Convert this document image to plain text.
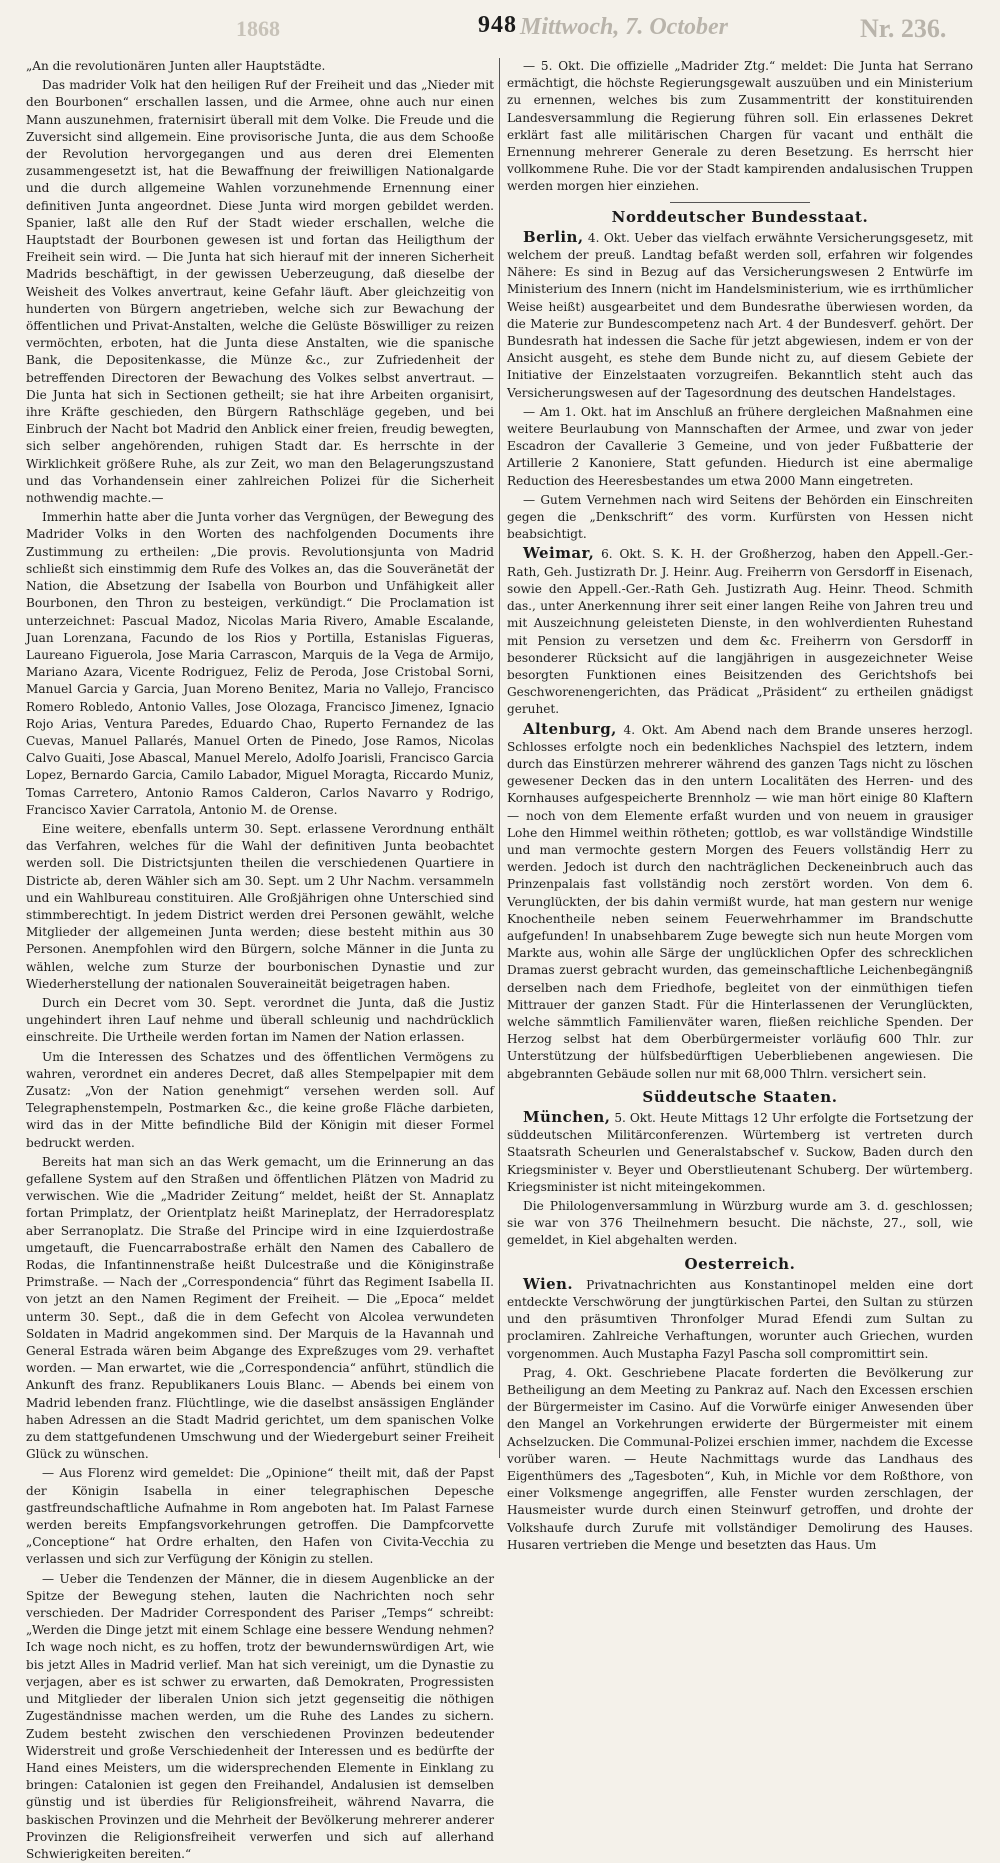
1868	948 Mittwoch, 7. October	Nr. 236.

„An die revolutionären Junten aller Hauptstädte.

Das madrider Volk hat den heiligen Ruf der Freiheit und das „Nieder mit den Bourbonen“ erschallen lassen, und die Armee, ohne auch nur einen Mann auszunehmen, fraternisirt überall mit dem Volke. Die Freude und die Zuversicht sind allgemein. Eine provisorische Junta, die aus dem Schooße der Revolution hervorgegangen und aus deren drei Elementen zusammengesetzt ist, hat die Bewaffnung der freiwilligen Nationalgarde und die durch allgemeine Wahlen vorzunehmende Ernennung einer definitiven Junta angeordnet. Diese Junta wird morgen gebildet werden. Spanier, laßt alle den Ruf der Stadt wieder erschallen, welche die Hauptstadt der Bourbonen gewesen ist und fortan das Heiligthum der Freiheit sein wird. — Die Junta hat sich hierauf mit der inneren Sicherheit Madrids beschäftigt, in der gewissen Ueberzeugung, daß dieselbe der Weisheit des Volkes anvertraut, keine Gefahr läuft. Aber gleichzeitig von hunderten von Bürgern angetrieben, welche sich zur Bewachung der öffentlichen und Privat-Anstalten, welche die Gelüste Böswilliger zu reizen vermöchten, erboten, hat die Junta diese Anstalten, wie die spanische Bank, die Depositenkasse, die Münze &c., zur Zufriedenheit der betreffenden Directoren der Bewachung des Volkes selbst anvertraut. — Die Junta hat sich in Sectionen getheilt; sie hat ihre Arbeiten organisirt, ihre Kräfte geschieden, den Bürgern Rathschläge gegeben, und bei Einbruch der Nacht bot Madrid den Anblick einer freien, freudig bewegten, sich selber angehörenden, ruhigen Stadt dar. Es herrschte in der Wirklichkeit größere Ruhe, als zur Zeit, wo man den Belagerungszustand und das Vorhandensein einer zahlreichen Polizei für die Sicherheit nothwendig machte.—

Immerhin hatte aber die Junta vorher das Vergnügen, der Bewegung des Madrider Volks in den Worten des nachfolgenden Documents ihre Zustimmung zu ertheilen: „Die provis. Revolutionsjunta von Madrid schließt sich einstimmig dem Rufe des Volkes an, das die Souveränetät der Nation, die Absetzung der Isabella von Bourbon und Unfähigkeit aller Bourbonen, den Thron zu besteigen, verkündigt.“ Die Proclamation ist unterzeichnet: Pascual Madoz, Nicolas Maria Rivero, Amable Escalande, Juan Lorenzana, Facundo de los Rios y Portilla, Estanislas Figueras, Laureano Figuerola, Jose Maria Carrascon, Marquis de la Vega de Armijo, Mariano Azara, Vicente Rodriguez, Feliz de Peroda, Jose Cristobal Sorni, Manuel Garcia y Garcia, Juan Moreno Benitez, Maria no Vallejo, Francisco Romero Robledo, Antonio Valles, Jose Olozaga, Francisco Jimenez, Ignacio Rojo Arias, Ventura Paredes, Eduardo Chao, Ruperto Fernandez de las Cuevas, Manuel Pallarés, Manuel Orten de Pinedo, Jose Ramos, Nicolas Calvo Guaiti, Jose Abascal, Manuel Merelo, Adolfo Joarisli, Francisco Garcia Lopez, Bernardo Garcia, Camilo Labador, Miguel Moragta, Riccardo Muniz, Tomas Carretero, Antonio Ramos Calderon, Carlos Navarro y Rodrigo, Francisco Xavier Carratola, Antonio M. de Orense.

Eine weitere, ebenfalls unterm 30. Sept. erlassene Verordnung enthält das Verfahren, welches für die Wahl der definitiven Junta beobachtet werden soll. Die Districtsjunten theilen die verschiedenen Quartiere in Districte ab, deren Wähler sich am 30. Sept. um 2 Uhr Nachm. versammeln und ein Wahlbureau constituiren. Alle Großjährigen ohne Unterschied sind stimmberechtigt. In jedem District werden drei Personen gewählt, welche Mitglieder der allgemeinen Junta werden; diese besteht mithin aus 30 Personen. Anempfohlen wird den Bürgern, solche Männer in die Junta zu wählen, welche zum Sturze der bourbonischen Dynastie und zur Wiederherstellung der nationalen Souveraineität beigetragen haben.

Durch ein Decret vom 30. Sept. verordnet die Junta, daß die Justiz ungehindert ihren Lauf nehme und überall schleunig und nachdrücklich einschreite. Die Urtheile werden fortan im Namen der Nation erlassen.

Um die Interessen des Schatzes und des öffentlichen Vermögens zu wahren, verordnet ein anderes Decret, daß alles Stempelpapier mit dem Zusatz: „Von der Nation genehmigt“ versehen werden soll. Auf Telegraphenstempeln, Postmarken &c., die keine große Fläche darbieten, wird das in der Mitte befindliche Bild der Königin mit dieser Formel bedruckt werden.

Bereits hat man sich an das Werk gemacht, um die Erinnerung an das gefallene System auf den Straßen und öffentlichen Plätzen von Madrid zu verwischen. Wie die „Madrider Zeitung“ meldet, heißt der St. Annaplatz fortan Primplatz, der Orientplatz heißt Marineplatz, der Herradoresplatz aber Serranoplatz. Die Straße del Principe wird in eine Izquierdostraße umgetauft, die Fuencarrabostraße erhält den Namen des Caballero de Rodas, die Infantinnenstraße heißt Dulcestraße und die Königinstraße Primstraße. — Nach der „Correspondencia“ führt das Regiment Isabella II. von jetzt an den Namen Regiment der Freiheit. — Die „Epoca“ meldet unterm 30. Sept., daß die in dem Gefecht von Alcolea verwundeten Soldaten in Madrid angekommen sind. Der Marquis de la Havannah und General Estrada wären beim Abgange des Expreßzuges vom 29. verhaftet worden. — Man erwartet, wie die „Correspondencia“ anführt, stündlich die Ankunft des franz. Republikaners Louis Blanc. — Abends bei einem von Madrid lebenden franz. Flüchtlinge, wie die daselbst ansässigen Engländer haben Adressen an die Stadt Madrid gerichtet, um dem spanischen Volke zu dem stattgefundenen Umschwung und der Wiedergeburt seiner Freiheit Glück zu wünschen.

— Aus Florenz wird gemeldet: Die „Opinione“ theilt mit, daß der Papst der Königin Isabella in einer telegraphischen Depesche gastfreundschaftliche Aufnahme in Rom angeboten hat. Im Palast Farnese werden bereits Empfangsvorkehrungen getroffen. Die Dampfcorvette „Conceptione“ hat Ordre erhalten, den Hafen von Civita-Vecchia zu verlassen und sich zur Verfügung der Königin zu stellen.

— Ueber die Tendenzen der Männer, die in diesem Augenblicke an der Spitze der Bewegung stehen, lauten die Nachrichten noch sehr verschieden. Der Madrider Correspondent des Pariser „Temps“ schreibt: „Werden die Dinge jetzt mit einem Schlage eine bessere Wendung nehmen? Ich wage noch nicht, es zu hoffen, trotz der bewundernswürdigen Art, wie bis jetzt Alles in Madrid verlief. Man hat sich vereinigt, um die Dynastie zu verjagen, aber es ist schwer zu erwarten, daß Demokraten, Progressisten und Mitglieder der liberalen Union sich jetzt gegenseitig die nöthigen Zugeständnisse machen werden, um die Ruhe des Landes zu sichern. Zudem besteht zwischen den verschiedenen Provinzen bedeutender Widerstreit und große Verschiedenheit der Interessen und es bedürfte der Hand eines Meisters, um die widersprechenden Elemente in Einklang zu bringen: Catalonien ist gegen den Freihandel, Andalusien ist demselben günstig und ist überdies für Religionsfreiheit, während Navarra, die baskischen Provinzen und die Mehrheit der Bevölkerung mehrerer anderer Provinzen die Religionsfreiheit verwerfen und sich auf allerhand Schwierigkeiten bereiten.“

— 5. Okt. Die offizielle „Madrider Ztg.“ meldet: Die Junta hat Serrano ermächtigt, die höchste Regierungsgewalt auszuüben und ein Ministerium zu ernennen, welches bis zum Zusammentritt der konstituirenden Landesversammlung die Regierung führen soll. Ein erlassenes Dekret erklärt fast alle militärischen Chargen für vacant und enthält die Ernennung mehrerer Generale zu deren Besetzung. Es herrscht hier vollkommene Ruhe. Die vor der Stadt kampirenden andalusischen Truppen werden morgen hier einziehen.

Norddeutscher Bundesstaat.

Berlin, 4. Okt. Ueber das vielfach erwähnte Versicherungsgesetz, mit welchem der preuß. Landtag befaßt werden soll, erfahren wir folgendes Nähere: Es sind in Bezug auf das Versicherungswesen 2 Entwürfe im Ministerium des Innern (nicht im Handelsministerium, wie es irrthümlicher Weise heißt) ausgearbeitet und dem Bundesrathe überwiesen worden, da die Materie zur Bundescompetenz nach Art. 4 der Bundesverf. gehört. Der Bundesrath hat indessen die Sache für jetzt abgewiesen, indem er von der Ansicht ausgeht, es stehe dem Bunde nicht zu, auf diesem Gebiete der Initiative der Einzelstaaten vorzugreifen. Bekanntlich steht auch das Versicherungswesen auf der Tagesordnung des deutschen Handelstages.

— Am 1. Okt. hat im Anschluß an frühere dergleichen Maßnahmen eine weitere Beurlaubung von Mannschaften der Armee, und zwar von jeder Escadron der Cavallerie 3 Gemeine, und von jeder Fußbatterie der Artillerie 2 Kanoniere, Statt gefunden. Hiedurch ist eine abermalige Reduction des Heeresbestandes um etwa 2000 Mann eingetreten.

— Gutem Vernehmen nach wird Seitens der Behörden ein Einschreiten gegen die „Denkschrift“ des vorm. Kurfürsten von Hessen nicht beabsichtigt.

Weimar, 6. Okt. S. K. H. der Großherzog, haben den Appell.-Ger.-Rath, Geh. Justizrath Dr. J. Heinr. Aug. Freiherrn von Gersdorff in Eisenach, sowie den Appell.-Ger.-Rath Geh. Justizrath Aug. Heinr. Theod. Schmith das., unter Anerkennung ihrer seit einer langen Reihe von Jahren treu und mit Auszeichnung geleisteten Dienste, in den wohlverdienten Ruhestand mit Pension zu versetzen und dem &c. Freiherrn von Gersdorff in besonderer Rücksicht auf die langjährigen in ausgezeichneter Weise besorgten Funktionen eines Beisitzenden des Gerichtshofs bei Geschworenengerichten, das Prädicat „Präsident“ zu ertheilen gnädigst geruhet.

Altenburg, 4. Okt. Am Abend nach dem Brande unseres herzogl. Schlosses erfolgte noch ein bedenkliches Nachspiel des letztern, indem durch das Einstürzen mehrerer während des ganzen Tags nicht zu löschen gewesener Decken das in den untern Localitäten des Herren- und des Kornhauses aufgespeicherte Brennholz — wie man hört einige 80 Klaftern — noch von dem Elemente erfaßt wurden und von neuem in grausiger Lohe den Himmel weithin rötheten; gottlob, es war vollständige Windstille und man vermochte gestern Morgen des Feuers vollständig Herr zu werden. Jedoch ist durch den nachträglichen Deckeneinbruch auch das Prinzenpalais fast vollständig noch zerstört worden. Von dem 6. Verunglückten, der bis dahin vermißt wurde, hat man gestern nur wenige Knochentheile neben seinem Feuerwehrhammer im Brandschutte aufgefunden! In unabsehbarem Zuge bewegte sich nun heute Morgen vom Markte aus, wohin alle Särge der unglücklichen Opfer des schrecklichen Dramas zuerst gebracht wurden, das gemeinschaftliche Leichenbegängniß derselben nach dem Friedhofe, begleitet von der einmüthigen tiefen Mittrauer der ganzen Stadt. Für die Hinterlassenen der Verunglückten, welche sämmtlich Familienväter waren, fließen reichliche Spenden. Der Herzog selbst hat dem Oberbürgermeister vorläufig 600 Thlr. zur Unterstützung der hülfsbedürftigen Ueberbliebenen angewiesen. Die abgebrannten Gebäude sollen nur mit 68,000 Thlrn. versichert sein.

Süddeutsche Staaten.

München, 5. Okt. Heute Mittags 12 Uhr erfolgte die Fortsetzung der süddeutschen Militärconferenzen. Würtemberg ist vertreten durch Staatsrath Scheurlen und Generalstabschef v. Suckow, Baden durch den Kriegsminister v. Beyer und Oberstlieutenant Schuberg. Der würtemberg. Kriegsminister ist nicht miteingekommen.

Die Philologenversammlung in Würzburg wurde am 3. d. geschlossen; sie war von 376 Theilnehmern besucht. Die nächste, 27., soll, wie gemeldet, in Kiel abgehalten werden.

Oesterreich.

Wien. Privatnachrichten aus Konstantinopel melden eine dort entdeckte Verschwörung der jungtürkischen Partei, den Sultan zu stürzen und den präsumtiven Thronfolger Murad Efendi zum Sultan zu proclamiren. Zahlreiche Verhaftungen, worunter auch Griechen, wurden vorgenommen. Auch Mustapha Fazyl Pascha soll compromittirt sein.

Prag, 4. Okt. Geschriebene Placate forderten die Bevölkerung zur Betheiligung an dem Meeting zu Pankraz auf. Nach den Excessen erschien der Bürgermeister im Casino. Auf die Vorwürfe einiger Anwesenden über den Mangel an Vorkehrungen erwiderte der Bürgermeister mit einem Achselzucken. Die Communal-Polizei erschien immer, nachdem die Excesse vorüber waren. — Heute Nachmittags wurde das Landhaus des Eigenthümers des „Tagesboten“, Kuh, in Michle vor dem Roßthore, von einer Volksmenge angegriffen, alle Fenster wurden zerschlagen, der Hausmeister wurde durch einen Steinwurf getroffen, und drohte der Volkshaufe durch Zurufe mit vollständiger Demolirung des Hauses. Husaren vertrieben die Menge und besetzten das Haus. Um
